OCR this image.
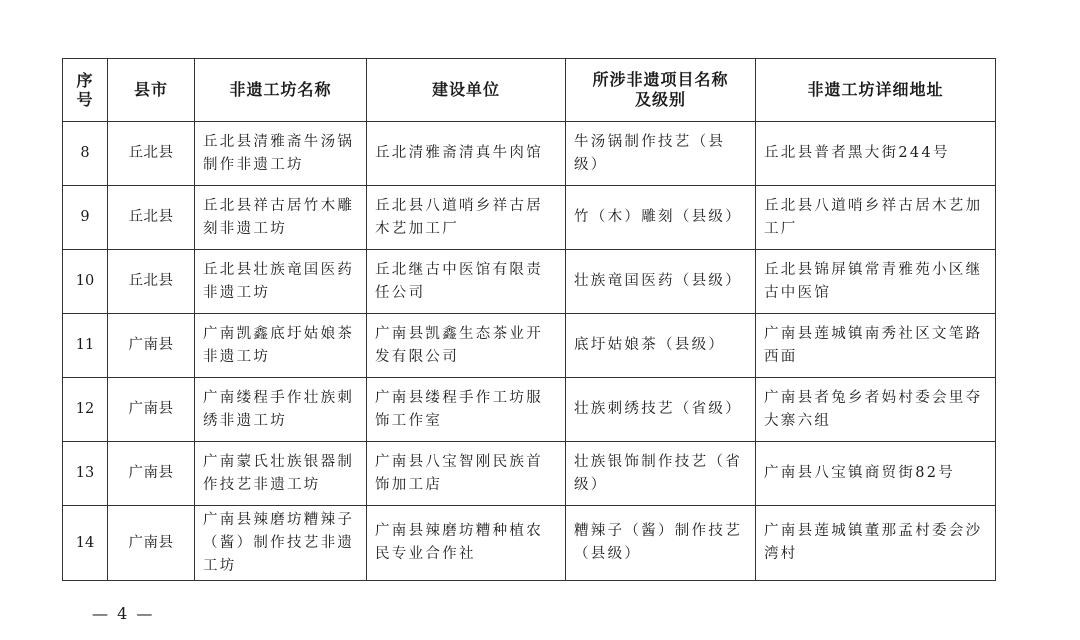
序号	县市	非遗工坊名称	建设单位	所涉非遗项目名称及级别	非遗工坊详细地址
8	丘北县	丘北县清雅斋牛汤锅制作非遗工坊	丘北清雅斋清真牛肉馆	牛汤锅制作技艺（县级）	丘北县普者黑大街244号
9	丘北县	丘北县祥古居竹木雕刻非遗工坊	丘北县八道哨乡祥古居木艺加工厂	竹（木）雕刻（县级）	丘北县八道哨乡祥古居木艺加工厂
10	丘北县	丘北县壮族竜囯医药非遗工坊	丘北继古中医馆有限责任公司	壮族竜囯医药（县级）	丘北县锦屏镇常青雅苑小区继古中医馆
11	广南县	广南凯鑫底圩姑娘茶非遗工坊	广南县凯鑫生态茶业开发有限公司	底圩姑娘茶（县级）	广南县莲城镇南秀社区文笔路西面
12	广南县	广南缕程手作壮族刺绣非遗工坊	广南县缕程手作工坊服饰工作室	壮族刺绣技艺（省级）	广南县者兔乡者妈村委会里夺大寨六组
13	广南县	广南蒙氏壮族银器制作技艺非遗工坊	广南县八宝智刚民族首饰加工店	壮族银饰制作技艺（省级）	广南县八宝镇商贸街82号
14	广南县	广南县辣磨坊糟辣子（酱）制作技艺非遗工坊	广南县辣磨坊糟种植农民专业合作社	糟辣子（酱）制作技艺（县级）	广南县莲城镇董那孟村委会沙湾村
— 4 —
